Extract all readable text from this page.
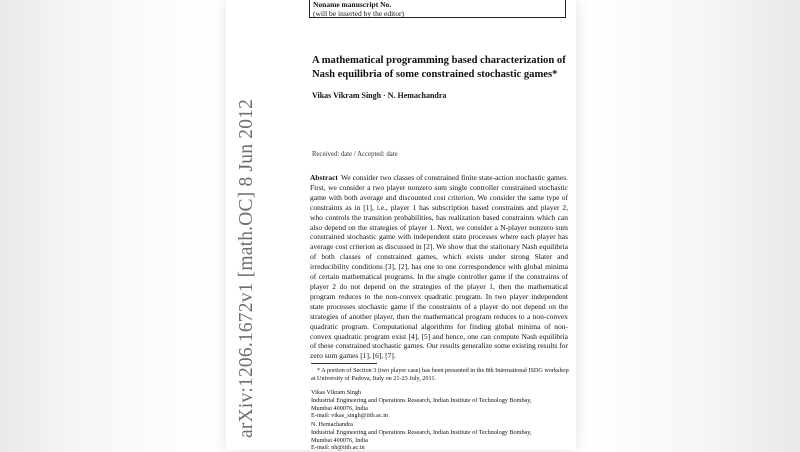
arXiv:1206.1672v1 [math.OC] 8 Jun 2012
Noname manuscript No.
(will be inserted by the editor)
A mathematical programming based characterization of Nash equilibria of some constrained stochastic games*
Vikas Vikram Singh · N. Hemachandra
Received: date / Accepted: date

Abstract We consider two classes of constrained finite state-action stochastic games. First, we consider a two player nonzero sum single controller constrained stochastic game with both average and discounted cost criterion. We consider the same type of constraints as in [1], i.e., player 1 has subscription based constraints and player 2, who controls the transition probabilities, has realization based constraints which can also depend on the strategies of player 1. Next, we consider a N-player nonzero sum constrained stochastic game with independent state processes where each player has average cost criterion as discussed in [2]. We show that the stationary Nash equilibria of both classes of constrained games, which exists under strong Slater and irreducibility conditions [3], [2], has one to one correspondence with global minima of certain mathematical programs. In the single controller game if the constraints of player 2 do not depend on the strategies of the player 1, then the mathematical program reduces to the non-convex quadratic program. In two player independent state processes stochastic game if the constraints of a player do not depend on the strategies of another player, then the mathematical program reduces to a non-convex quadratic program. Computational algorithms for finding global minima of non-convex quadratic program exist [4], [5] and hence, one can compute Nash equilibria of these constrained stochastic games. Our results generalize some existing results for zero sum games [1], [6], [7].

* A portion of Section 3 (two player case) has been presented in the 8th International ISDG workshop at University of Padova, Italy on 21-23 July, 2011.

Vikas Vikram Singh
Industrial Engineering and Operations Research, Indian Institute of Technology Bombay,
Mumbai 400076, India
E-mail: vikas_singh@iitb.ac.in
N. Hemachandra
Industrial Engineering and Operations Research, Indian Institute of Technology Bombay,
Mumbai 400076, India
E-mail: nh@iitb.ac.in
